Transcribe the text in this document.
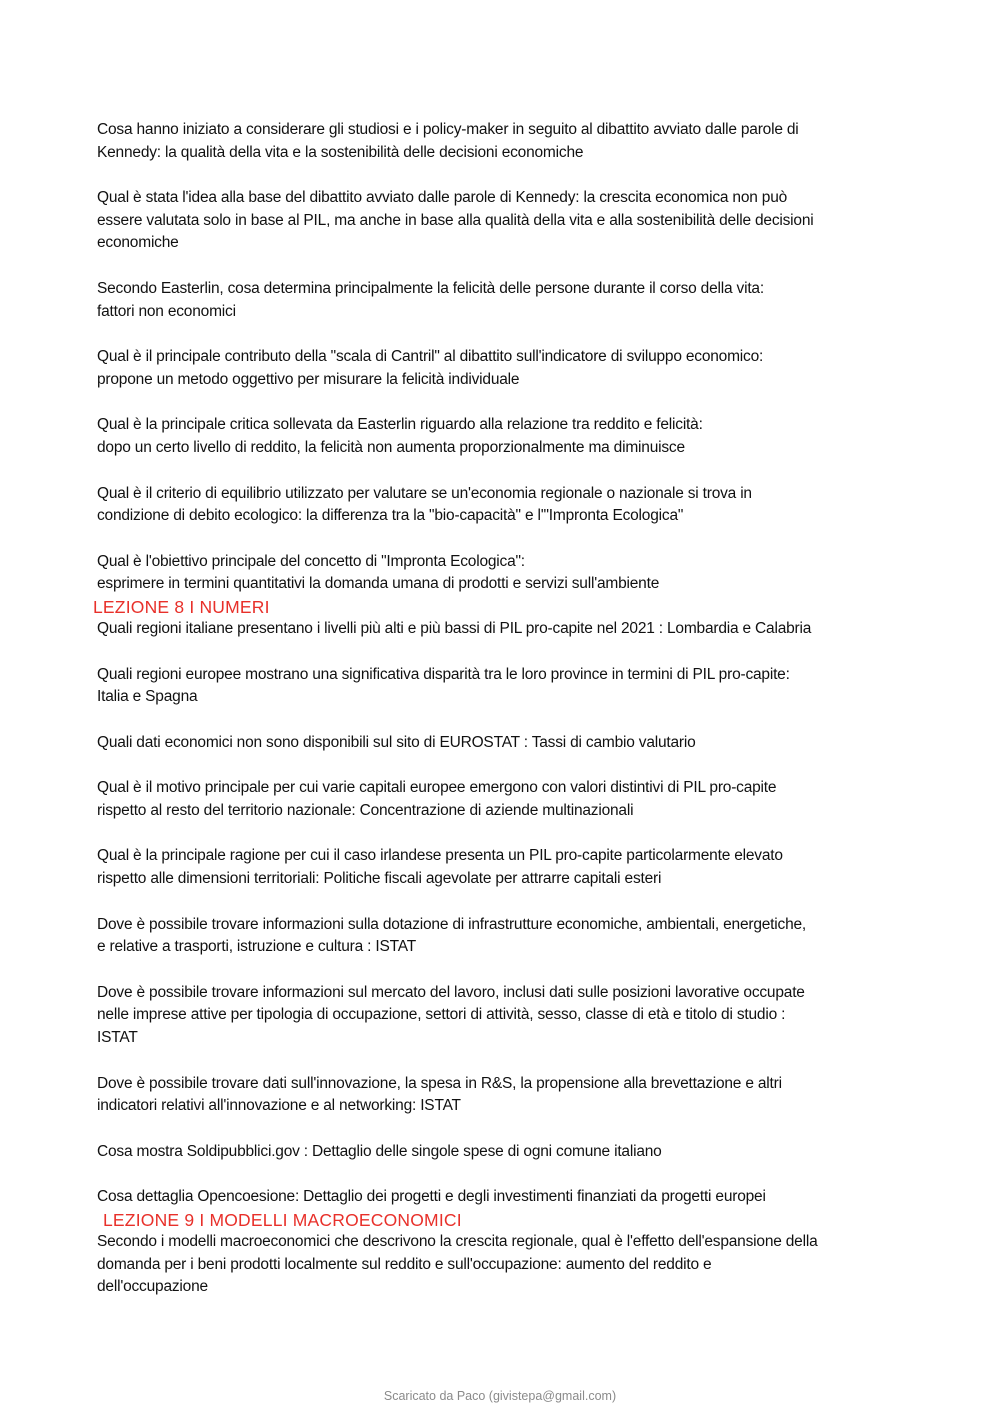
Cosa hanno iniziato a considerare gli studiosi e i policy-maker in seguito al dibattito avviato dalle parole di
Kennedy: la qualità della vita e la sostenibilità delle decisioni economiche
Qual è stata l'idea alla base del dibattito avviato dalle parole di Kennedy: la crescita economica non può
essere valutata solo in base al PIL, ma anche in base alla qualità della vita e alla sostenibilità delle decisioni
economiche
Secondo Easterlin, cosa determina principalmente la felicità delle persone durante il corso della vita:
fattori non economici
Qual è il principale contributo della "scala di Cantril" al dibattito sull'indicatore di sviluppo economico:
propone un metodo oggettivo per misurare la felicità individuale
Qual è la principale critica sollevata da Easterlin riguardo alla relazione tra reddito e felicità:
dopo un certo livello di reddito, la felicità non aumenta proporzionalmente ma diminuisce
Qual è il criterio di equilibrio utilizzato per valutare se un'economia regionale o nazionale si trova in
condizione di debito ecologico: la differenza tra la "bio-capacità" e l'"Impronta Ecologica"
Qual è l'obiettivo principale del concetto di "Impronta Ecologica":
esprimere in termini quantitativi la domanda umana di prodotti e servizi sull'ambiente
LEZIONE 8 I NUMERI
Quali regioni italiane presentano i livelli più alti e più bassi di PIL pro-capite nel 2021 : Lombardia e Calabria
Quali regioni europee mostrano una significativa disparità tra le loro province in termini di PIL pro-capite:
Italia e Spagna
Quali dati economici non sono disponibili sul sito di EUROSTAT : Tassi di cambio valutario
Qual è il motivo principale per cui varie capitali europee emergono con valori distintivi di PIL pro-capite
rispetto al resto del territorio nazionale: Concentrazione di aziende multinazionali
Qual è la principale ragione per cui il caso irlandese presenta un PIL pro-capite particolarmente elevato
rispetto alle dimensioni territoriali: Politiche fiscali agevolate per attrarre capitali esteri
Dove è possibile trovare informazioni sulla dotazione di infrastrutture economiche, ambientali, energetiche,
e relative a trasporti, istruzione e cultura : ISTAT
Dove è possibile trovare informazioni sul mercato del lavoro, inclusi dati sulle posizioni lavorative occupate
nelle imprese attive per tipologia di occupazione, settori di attività, sesso, classe di età e titolo di studio :
ISTAT
Dove è possibile trovare dati sull'innovazione, la spesa in R&S, la propensione alla brevettazione e altri
indicatori relativi all'innovazione e al networking: ISTAT
Cosa mostra Soldipubblici.gov : Dettaglio delle singole spese di ogni comune italiano
Cosa dettaglia Opencoesione: Dettaglio dei progetti e degli investimenti finanziati da progetti europei
LEZIONE 9 I MODELLI MACROECONOMICI
Secondo i modelli macroeconomici che descrivono la crescita regionale, qual è l'effetto dell'espansione della
domanda per i beni prodotti localmente sul reddito e sull'occupazione: aumento del reddito e
dell'occupazione
Scaricato da Paco (givistepa@gmail.com)
